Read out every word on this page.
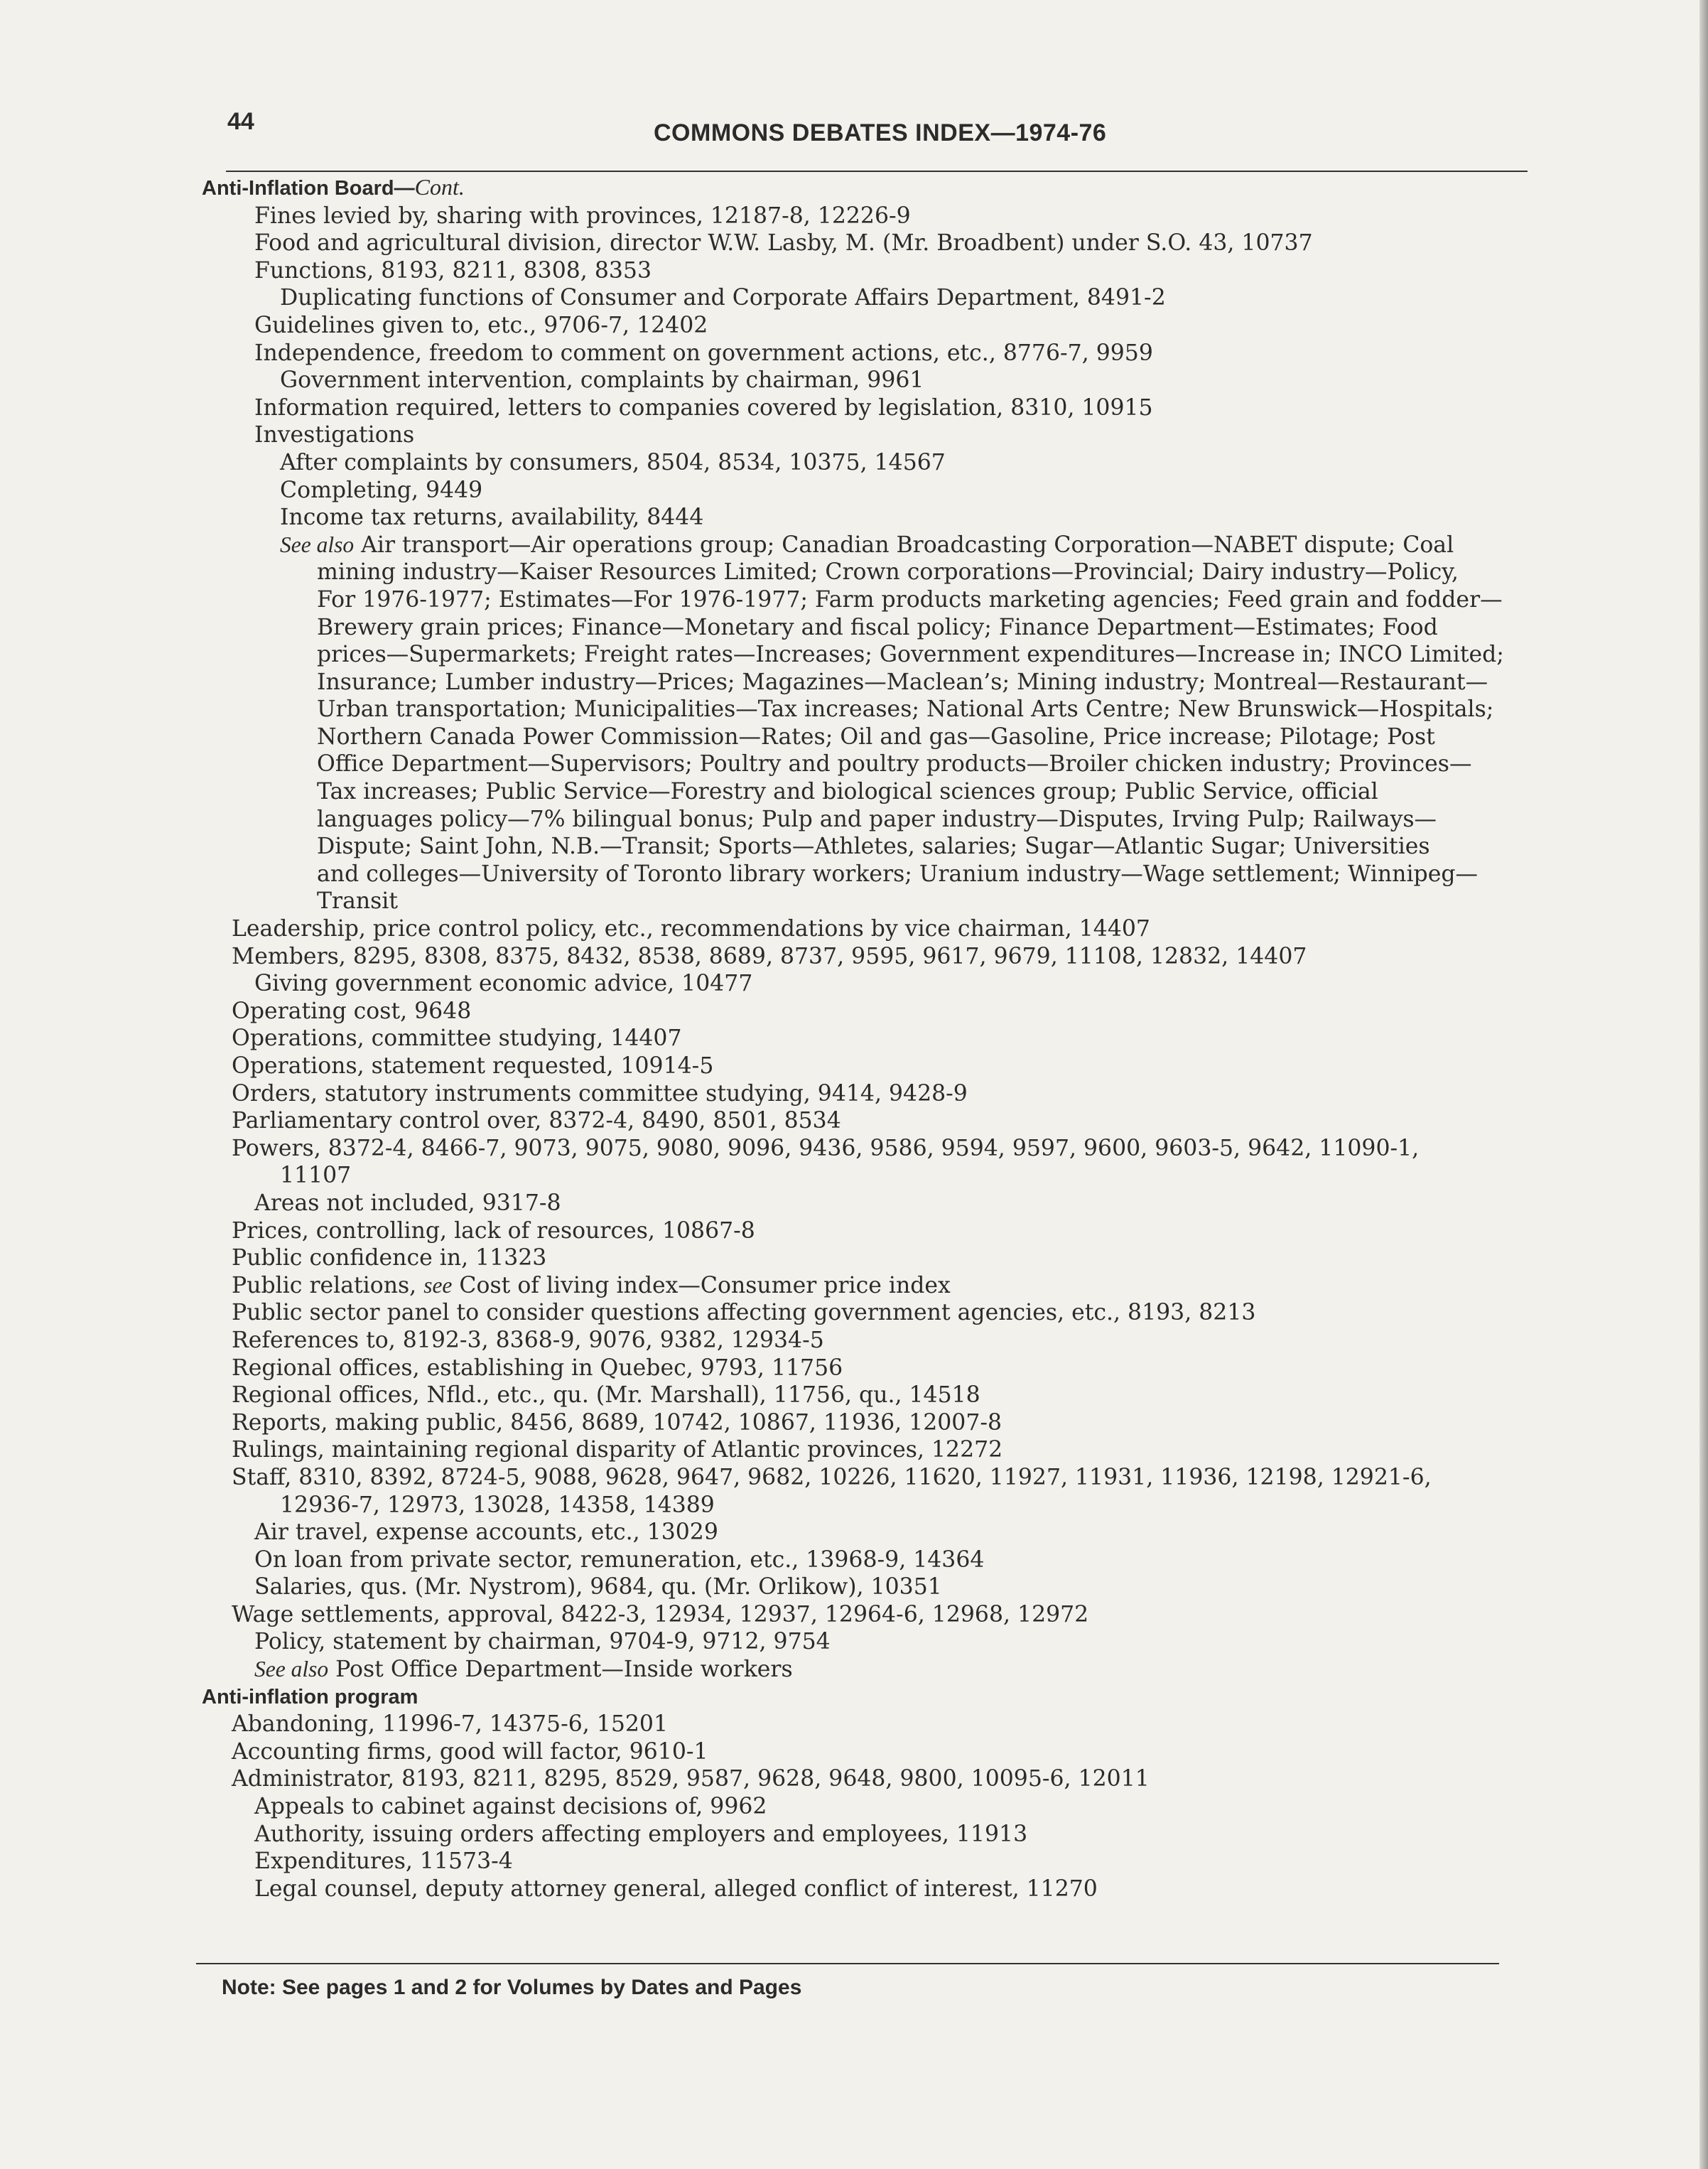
44	COMMONS DEBATES INDEX—1974-76
Anti-Inflation Board—Cont.
Fines levied by, sharing with provinces, 12187-8, 12226-9
Food and agricultural division, director W.W. Lasby, M. (Mr. Broadbent) under S.O. 43, 10737
Functions, 8193, 8211, 8308, 8353
Duplicating functions of Consumer and Corporate Affairs Department, 8491-2
Guidelines given to, etc., 9706-7, 12402
Independence, freedom to comment on government actions, etc., 8776-7, 9959
Government intervention, complaints by chairman, 9961
Information required, letters to companies covered by legislation, 8310, 10915
Investigations
After complaints by consumers, 8504, 8534, 10375, 14567
Completing, 9449
Income tax returns, availability, 8444
See also Air transport—Air operations group; Canadian Broadcasting Corporation—NABET dispute; Coal
mining industry—Kaiser Resources Limited; Crown corporations—Provincial; Dairy industry—Policy,
For 1976-1977; Estimates—For 1976-1977; Farm products marketing agencies; Feed grain and fodder—
Brewery grain prices; Finance—Monetary and fiscal policy; Finance Department—Estimates; Food
prices—Supermarkets; Freight rates—Increases; Government expenditures—Increase in; INCO Limited;
Insurance; Lumber industry—Prices; Magazines—Maclean’s; Mining industry; Montreal—Restaurant—
Urban transportation; Municipalities—Tax increases; National Arts Centre; New Brunswick—Hospitals;
Northern Canada Power Commission—Rates; Oil and gas—Gasoline, Price increase; Pilotage; Post
Office Department—Supervisors; Poultry and poultry products—Broiler chicken industry; Provinces—
Tax increases; Public Service—Forestry and biological sciences group; Public Service, official
languages policy—7% bilingual bonus; Pulp and paper industry—Disputes, Irving Pulp; Railways—
Dispute; Saint John, N.B.—Transit; Sports—Athletes, salaries; Sugar—Atlantic Sugar; Universities
and colleges—University of Toronto library workers; Uranium industry—Wage settlement; Winnipeg—
Transit
Leadership, price control policy, etc., recommendations by vice chairman, 14407
Members, 8295, 8308, 8375, 8432, 8538, 8689, 8737, 9595, 9617, 9679, 11108, 12832, 14407
Giving government economic advice, 10477
Operating cost, 9648
Operations, committee studying, 14407
Operations, statement requested, 10914-5
Orders, statutory instruments committee studying, 9414, 9428-9
Parliamentary control over, 8372-4, 8490, 8501, 8534
Powers, 8372-4, 8466-7, 9073, 9075, 9080, 9096, 9436, 9586, 9594, 9597, 9600, 9603-5, 9642, 11090-1,
11107
Areas not included, 9317-8
Prices, controlling, lack of resources, 10867-8
Public confidence in, 11323
Public relations, see Cost of living index—Consumer price index
Public sector panel to consider questions affecting government agencies, etc., 8193, 8213
References to, 8192-3, 8368-9, 9076, 9382, 12934-5
Regional offices, establishing in Quebec, 9793, 11756
Regional offices, Nfld., etc., qu. (Mr. Marshall), 11756, qu., 14518
Reports, making public, 8456, 8689, 10742, 10867, 11936, 12007-8
Rulings, maintaining regional disparity of Atlantic provinces, 12272
Staff, 8310, 8392, 8724-5, 9088, 9628, 9647, 9682, 10226, 11620, 11927, 11931, 11936, 12198, 12921-6,
12936-7, 12973, 13028, 14358, 14389
Air travel, expense accounts, etc., 13029
On loan from private sector, remuneration, etc., 13968-9, 14364
Salaries, qus. (Mr. Nystrom), 9684, qu. (Mr. Orlikow), 10351
Wage settlements, approval, 8422-3, 12934, 12937, 12964-6, 12968, 12972
Policy, statement by chairman, 9704-9, 9712, 9754
See also Post Office Department—Inside workers
Anti-inflation program
Abandoning, 11996-7, 14375-6, 15201
Accounting firms, good will factor, 9610-1
Administrator, 8193, 8211, 8295, 8529, 9587, 9628, 9648, 9800, 10095-6, 12011
Appeals to cabinet against decisions of, 9962
Authority, issuing orders affecting employers and employees, 11913
Expenditures, 11573-4
Legal counsel, deputy attorney general, alleged conflict of interest, 11270
Note: See pages 1 and 2 for Volumes by Dates and Pages
